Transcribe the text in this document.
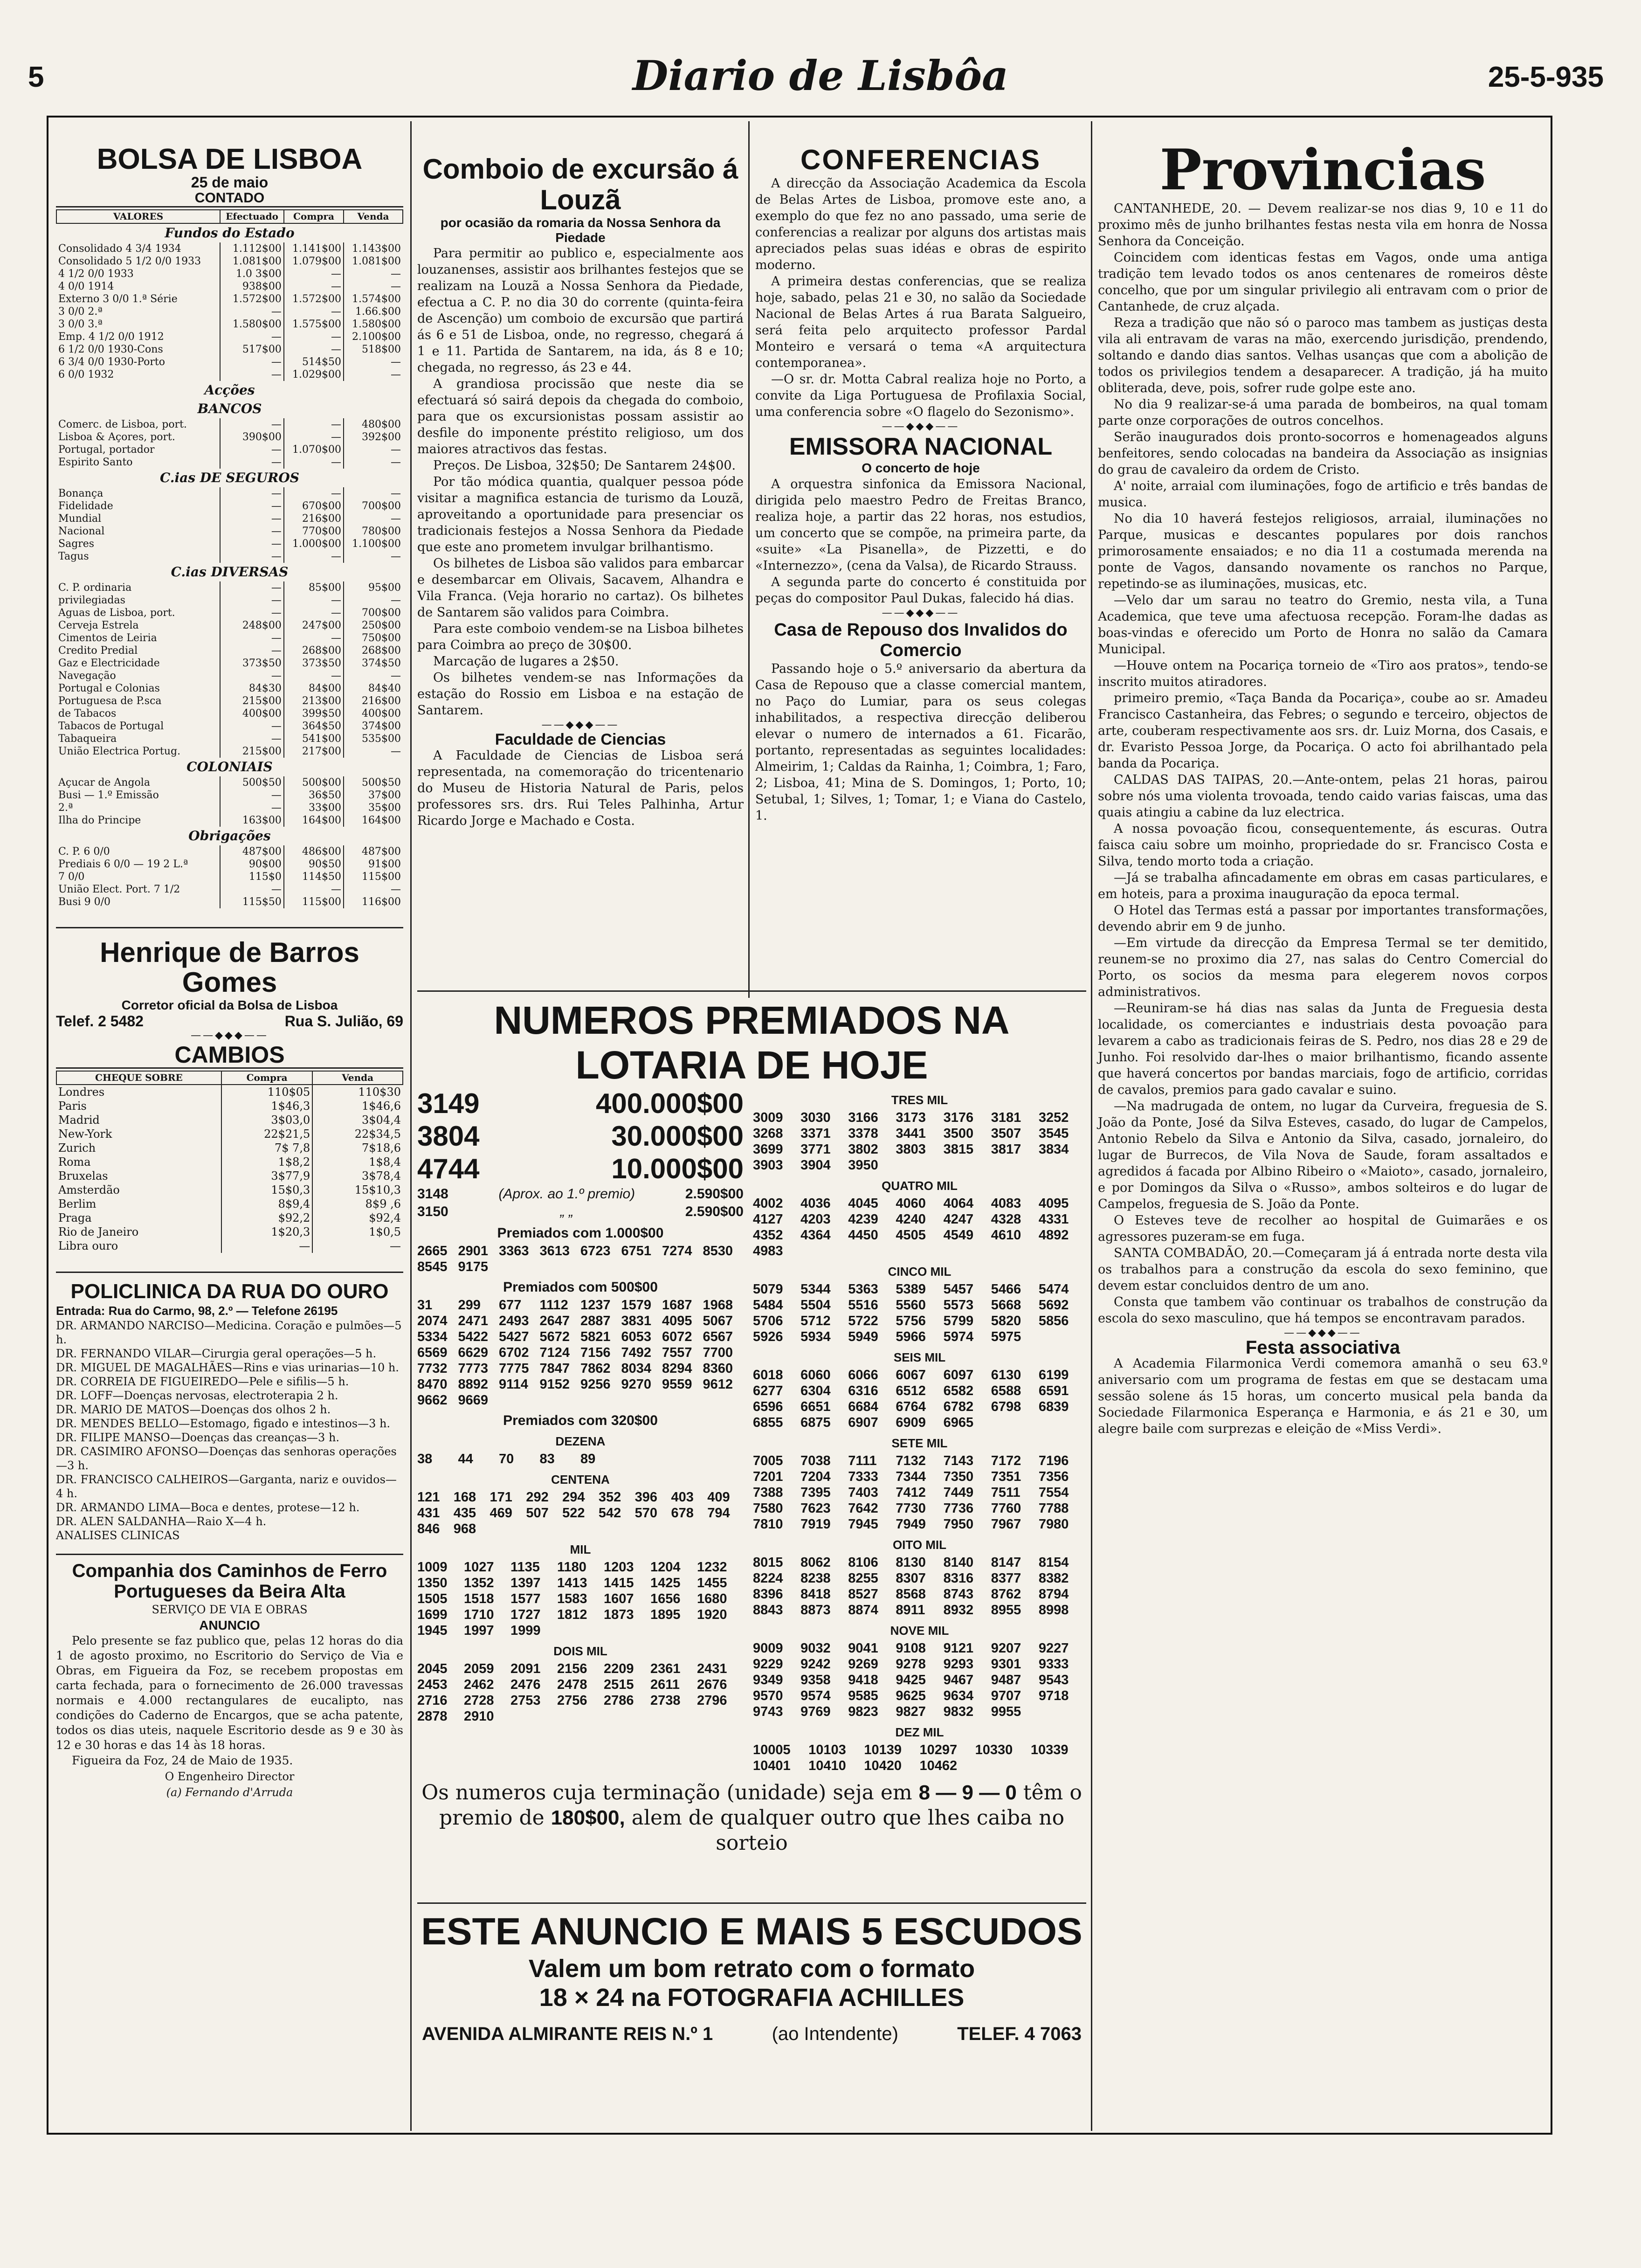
5	Diario de Lisbôa	25-5-935
BOLSA DE LISBOA
25 de maio
CONTADO
VALORES	Efectuado	Compra	Venda
Fundos do Estado			
Consolidado 4 3/4 1934	1.112$00	1.141$00	1.143$00
Consolidado 5 1/2 0/0 1933	1.081$00	1.079$00	1.081$00
4 1/2 0/0 1933	1.0 3$00	—	—
4 0/0 1914	938$00	—	—
Externo 3 0/0 1.ª Série	1.572$00	1.572$00	1.574$00
3 0/0 2.ª	—	—	1.66.$00
3 0/0 3.ª	1.580$00	1.575$00	1.580$00
Emp. 4 1/2 0/0 1912	—	—	2.100$00
6 1/2 0/0 1930-Cons	517$00	—	518$00
6 3/4 0/0 1930-Porto	—	514$50	—
6 0/0 1932	—	1.029$00	—
Acções			
BANCOS			
Comerc. de Lisboa, port.	—	—	480$00
Lisboa & Açores, port.	390$00	—	392$00
Portugal, portador	—	1.070$00	—
Espirito Santo	—	—	—
C.ias DE SEGUROS			
Bonança	—	—	—
Fidelidade	—	670$00	700$00
Mundial	—	216$00	—
Nacional	—	770$00	780$00
Sagres	—	1.000$00	1.100$00
Tagus	—	—	—
C.ias DIVERSAS			
C. P. ordinaria	—	85$00	95$00
privilegiadas	—	—	—
Aguas de Lisboa, port.	—	—	700$00
Cerveja Estrela	248$00	247$00	250$00
Cimentos de Leiria	—	—	750$00
Credito Predial	—	268$00	268$00
Gaz e Electricidade	373$50	373$50	374$50
Navegação	—	—	—
Portugal e Colonias	84$30	84$00	84$40
Portuguesa de P.sca	215$00	213$00	216$00
de Tabacos	400$00	399$50	400$00
Tabacos de Portugal	—	364$50	374$00
Tabaqueira	—	541$00	535$00
União Electrica Portug.	215$00	217$00	—
COLONIAIS			
Açucar de Angola	500$50	500$00	500$50
Busi — 1.º Emissão	—	36$50	37$00
2.ª	—	33$00	35$00
Ilha do Principe	163$00	164$00	164$00
Obrigações			
C. P. 6 0/0	487$00	486$00	487$00
Prediais 6 0/0 — 19 2 L.ª	90$00	90$50	91$00
7 0/0	115$0	114$50	115$00
União Elect. Port. 7 1/2	—	—	—
Busi 9 0/0	115$50	115$00	116$00
Henrique de Barros Gomes
Corretor oficial da Bolsa de Lisboa
Telef. 2 5482	Rua S. Julião, 69
——◆◆◆——
CAMBIOS
CHEQUE SOBRE	Compra	Venda
Londres	110$05	110$30
Paris	1$46,3	1$46,6
Madrid	3$03,0	3$04,4
New-York	22$21,5	22$34,5
Zurich	7$ 7,8	7$18,6
Roma	1$8,2	1$8,4
Bruxelas	3$77,9	3$78,4
Amsterdão	15$0,3	15$10,3
Berlim	8$9,4	8$9 ,6
Praga	$92,2	$92,4
Rio de Janeiro	1$20,3	1$0,5
Libra ouro	—	—
POLICLINICA DA RUA DO OURO
Entrada: Rua do Carmo, 98, 2.º — Telefone 26195
DR. ARMANDO NARCISO—Medicina. Coração e pulmões—5 h.
DR. FERNANDO VILAR—Cirurgia geral operações—5 h.
DR. MIGUEL DE MAGALHÃES—Rins e vias urinarias—10 h.
DR. CORREIA DE FIGUEIREDO—Pele e sifilis—5 h.
DR. LOFF—Doenças nervosas, electroterapia 2 h.
DR. MARIO DE MATOS—Doenças dos olhos 2 h.
DR. MENDES BELLO—Estomago, figado e intestinos—3 h.
DR. FILIPE MANSO—Doenças das creanças—3 h.
DR. CASIMIRO AFONSO—Doenças das senhoras operações—3 h.
DR. FRANCISCO CALHEIROS—Garganta, nariz e ouvidos—4 h.
DR. ARMANDO LIMA—Boca e dentes, protese—12 h.
DR. ALEN SALDANHA—Raio X—4 h.
ANALISES CLINICAS
Companhia dos Caminhos de Ferro Portugueses da Beira Alta
SERVIÇO DE VIA E OBRAS
ANUNCIO

Pelo presente se faz publico que, pelas 12 horas do dia 1 de agosto proximo, no Escritorio do Serviço de Via e Obras, em Figueira da Foz, se recebem propostas em carta fechada, para o fornecimento de 26.000 travessas normais e 4.000 rectangulares de eucalipto, nas condições do Caderno de Encargos, que se acha patente, todos os dias uteis, naquele Escritorio desde as 9 e 30 às 12 e 30 horas e das 14 às 18 horas.

Figueira da Foz, 24 de Maio de 1935.

O Engenheiro Director
(a) Fernando d'Arruda
Comboio de excursão á Louzã
por ocasião da romaria da Nossa Senhora da Piedade

Para permitir ao publico e, especialmente aos louzanenses, assistir aos brilhantes festejos que se realizam na Louzã a Nossa Senhora da Piedade, efectua a C. P. no dia 30 do corrente (quinta-feira de Ascenção) um comboio de excursão que partirá ás 6 e 51 de Lisboa, onde, no regresso, chegará á 1 e 11. Partida de Santarem, na ida, ás 8 e 10; chegada, no regresso, ás 23 e 44.

A grandiosa procissão que neste dia se efectuará só sairá depois da chegada do comboio, para que os excursionistas possam assistir ao desfile do imponente préstito religioso, um dos maiores atractivos das festas.

Preços. De Lisboa, 32$50; De Santarem 24$00.

Por tão módica quantia, qualquer pessoa póde visitar a magnifica estancia de turismo da Louzã, aproveitando a oportunidade para presenciar os tradicionais festejos a Nossa Senhora da Piedade que este ano prometem invulgar brilhantismo.

Os bilhetes de Lisboa são validos para embarcar e desembarcar em Olivais, Sacavem, Alhandra e Vila Franca. (Veja horario no cartaz). Os bilhetes de Santarem são validos para Coimbra.

Para este comboio vendem-se na Lisboa bilhetes para Coimbra ao preço de 30$00.

Marcação de lugares a 2$50.

Os bilhetes vendem-se nas Informações da estação do Rossio em Lisboa e na estação de Santarem.

——◆◆◆——
Faculdade de Ciencias

A Faculdade de Ciencias de Lisboa será representada, na comemoração do tricentenario do Museu de Historia Natural de Paris, pelos professores srs. drs. Rui Teles Palhinha, Artur Ricardo Jorge e Machado e Costa.

CONFERENCIAS

A direcção da Associação Academica da Escola de Belas Artes de Lisboa, promove este ano, a exemplo do que fez no ano passado, uma serie de conferencias a realizar por alguns dos artistas mais apreciados pelas suas idéas e obras de espirito moderno.

A primeira destas conferencias, que se realiza hoje, sabado, pelas 21 e 30, no salão da Sociedade Nacional de Belas Artes á rua Barata Salgueiro, será feita pelo arquitecto professor Pardal Monteiro e versará o tema «A arquitectura contemporanea».

—O sr. dr. Motta Cabral realiza hoje no Porto, a convite da Liga Portuguesa de Profilaxia Social, uma conferencia sobre «O flagelo do Sezonismo».

——◆◆◆——
EMISSORA NACIONAL
O concerto de hoje

A orquestra sinfonica da Emissora Nacional, dirigida pelo maestro Pedro de Freitas Branco, realiza hoje, a partir das 22 horas, nos estudios, um concerto que se compõe, na primeira parte, da «suite» «La Pisanella», de Pizzetti, e do «Internezzo», (cena da Valsa), de Ricardo Strauss.

A segunda parte do concerto é constituida por peças do compositor Paul Dukas, falecido há dias.

——◆◆◆——
Casa de Repouso dos Invalidos do Comercio

Passando hoje o 5.º aniversario da abertura da Casa de Repouso que a classe comercial mantem, no Paço do Lumiar, para os seus colegas inhabilitados, a respectiva direcção deliberou elevar o numero de internados a 61. Ficarão, portanto, representadas as seguintes localidades: Almeirim, 1; Caldas da Rainha, 1; Coimbra, 1; Faro, 2; Lisboa, 41; Mina de S. Domingos, 1; Porto, 10; Setubal, 1; Silves, 1; Tomar, 1; e Viana do Castelo, 1.

NUMEROS PREMIADOS NA LOTARIA DE HOJE
3149	400.000$00
3804	30.000$00
4744	10.000$00
3148	(Aprox. ao 1.º premio)	2.590$00
3150	„ „	2.590$00
Premiados com 1.000$00
2665 2901 3363 3613 6723 6751 7274 8530
8545 9175
Premiados com 500$00
31	299	677	1112 1237 1579 1687 1968
2074 2471 2493 2647 2887 3831 4095 5067
5334 5422 5427 5672 5821 6053 6072 6567
6569 6629 6702 7124 7156 7492 7557 7700
7732 7773 7775 7847 7862 8034 8294 8360
8470 8892 9114 9152 9256 9270 9559 9612
9662 9669
Premiados com 320$00
DEZENA
38	44	70	83	89
CENTENA
121	168	171	292	294	352	396	403	409
431	435	469	507	522	542	570	678	794
846	968
MIL
1009	1027	1135	1180	1203	1204	1232
1350	1352	1397	1413	1415	1425	1455
1505	1518	1577	1583	1607	1656	1680
1699	1710	1727	1812	1873	1895	1920
1945	1997	1999
DOIS MIL
2045	2059	2091	2156	2209	2361	2431
2453	2462	2476	2478	2515	2611	2676
2716	2728	2753	2756	2786	2738	2796
2878	2910
TRES MIL
3009	3030	3166	3173	3176	3181	3252
3268	3371	3378	3441	3500	3507	3545
3699	3771	3802	3803	3815	3817	3834
3903	3904	3950
QUATRO MIL
4002	4036	4045	4060	4064	4083	4095
4127	4203	4239	4240	4247	4328	4331
4352	4364	4450	4505	4549	4610	4892
4983
CINCO MIL
5079	5344	5363	5389	5457	5466	5474
5484	5504	5516	5560	5573	5668	5692
5706	5712	5722	5756	5799	5820	5856
5926	5934	5949	5966	5974	5975
SEIS MIL
6018	6060	6066	6067	6097	6130	6199
6277	6304	6316	6512	6582	6588	6591
6596	6651	6684	6764	6782	6798	6839
6855	6875	6907	6909	6965
SETE MIL
7005	7038	7111	7132	7143	7172	7196
7201	7204	7333	7344	7350	7351	7356
7388	7395	7403	7412	7449	7511	7554
7580	7623	7642	7730	7736	7760	7788
7810	7919	7945	7949	7950	7967	7980
OITO MIL
8015	8062	8106	8130	8140	8147	8154
8224	8238	8255	8307	8316	8377	8382
8396	8418	8527	8568	8743	8762	8794
8843	8873	8874	8911	8932	8955	8998
NOVE MIL
9009	9032	9041	9108	9121	9207	9227
9229	9242	9269	9278	9293	9301	9333
9349	9358	9418	9425	9467	9487	9543
9570	9574	9585	9625	9634	9707	9718
9743	9769	9823	9827	9832	9955
DEZ MIL
10005	10103	10139	10297	10330	10339
10401	10410	10420	10462
Os numeros cuja terminação (unidade) seja em 8 — 9 — 0 têm o premio de 180$00, alem de qualquer outro que lhes caiba no sorteio
ESTE ANUNCIO E MAIS 5 ESCUDOS
Valem um bom retrato com o formato
18 × 24 na FOTOGRAFIA ACHILLES
AVENIDA ALMIRANTE REIS N.º 1	(ao Intendente)	TELEF. 4 7063
Provincias

CANTANHEDE, 20. — Devem realizar-se nos dias 9, 10 e 11 do proximo mês de junho brilhantes festas nesta vila em honra de Nossa Senhora da Conceição.

Coincidem com identicas festas em Vagos, onde uma antiga tradição tem levado todos os anos centenares de romeiros dêste concelho, que por um singular privilegio ali entravam com o prior de Cantanhede, de cruz alçada.

Reza a tradição que não só o paroco mas tambem as justiças desta vila ali entravam de varas na mão, exercendo jurisdição, prendendo, soltando e dando dias santos. Velhas usanças que com a abolição de todos os privilegios tendem a desaparecer. A tradição, já ha muito obliterada, deve, pois, sofrer rude golpe este ano.

No dia 9 realizar-se-á uma parada de bombeiros, na qual tomam parte onze corporações de outros concelhos.

Serão inaugurados dois pronto-socorros e homenageados alguns benfeitores, sendo colocadas na bandeira da Associação as insignias do grau de cavaleiro da ordem de Cristo.

A' noite, arraial com iluminações, fogo de artificio e três bandas de musica.

No dia 10 haverá festejos religiosos, arraial, iluminações no Parque, musicas e descantes populares por dois ranchos primorosamente ensaiados; e no dia 11 a costumada merenda na ponte de Vagos, dansando novamente os ranchos no Parque, repetindo-se as iluminações, musicas, etc.

—Velo dar um sarau no teatro do Gremio, nesta vila, a Tuna Academica, que teve uma afectuosa recepção. Foram-lhe dadas as boas-vindas e oferecido um Porto de Honra no salão da Camara Municipal.

—Houve ontem na Pocariça torneio de «Tiro aos pratos», tendo-se inscrito muitos atiradores.

primeiro premio, «Taça Banda da Pocariça», coube ao sr. Amadeu Francisco Castanheira, das Febres; o segundo e terceiro, objectos de arte, couberam respectivamente aos srs. dr. Luiz Morna, dos Casais, e dr. Evaristo Pessoa Jorge, da Pocariça. O acto foi abrilhantado pela banda da Pocariça.

CALDAS DAS TAIPAS, 20.—Ante-ontem, pelas 21 horas, pairou sobre nós uma violenta trovoada, tendo caido varias faiscas, uma das quais atingiu a cabine da luz electrica.

A nossa povoação ficou, consequentemente, ás escuras. Outra faisca caiu sobre um moinho, propriedade do sr. Francisco Costa e Silva, tendo morto toda a criação.

—Já se trabalha afincadamente em obras em casas particulares, e em hoteis, para a proxima inauguração da epoca termal.

O Hotel das Termas está a passar por importantes transformações, devendo abrir em 9 de junho.

—Em virtude da direcção da Empresa Termal se ter demitido, reunem-se no proximo dia 27, nas salas do Centro Comercial do Porto, os socios da mesma para elegerem novos corpos administrativos.

—Reuniram-se há dias nas salas da Junta de Freguesia desta localidade, os comerciantes e industriais desta povoação para levarem a cabo as tradicionais feiras de S. Pedro, nos dias 28 e 29 de Junho. Foi resolvido dar-lhes o maior brilhantismo, ficando assente que haverá concertos por bandas marciais, fogo de artificio, corridas de cavalos, premios para gado cavalar e suino.

—Na madrugada de ontem, no lugar da Curveira, freguesia de S. João da Ponte, José da Silva Esteves, casado, do lugar de Campelos, Antonio Rebelo da Silva e Antonio da Silva, casado, jornaleiro, do lugar de Burrecos, de Vila Nova de Saude, foram assaltados e agredidos á facada por Albino Ribeiro o «Maioto», casado, jornaleiro, e por Domingos da Silva o «Russo», ambos solteiros e do lugar de Campelos, freguesia de S. João da Ponte.

O Esteves teve de recolher ao hospital de Guimarães e os agressores puzeram-se em fuga.

SANTA COMBADÃO, 20.—Começaram já á entrada norte desta vila os trabalhos para a construção da escola do sexo feminino, que devem estar concluidos dentro de um ano.

Consta que tambem vão continuar os trabalhos de construção da escola do sexo masculino, que há tempos se encontravam parados.

——◆◆◆——
Festa associativa

A Academia Filarmonica Verdi comemora amanhã o seu 63.º aniversario com um programa de festas em que se destacam uma sessão solene ás 15 horas, um concerto musical pela banda da Sociedade Filarmonica Esperança e Harmonia, e ás 21 e 30, um alegre baile com surprezas e eleição de «Miss Verdi».
